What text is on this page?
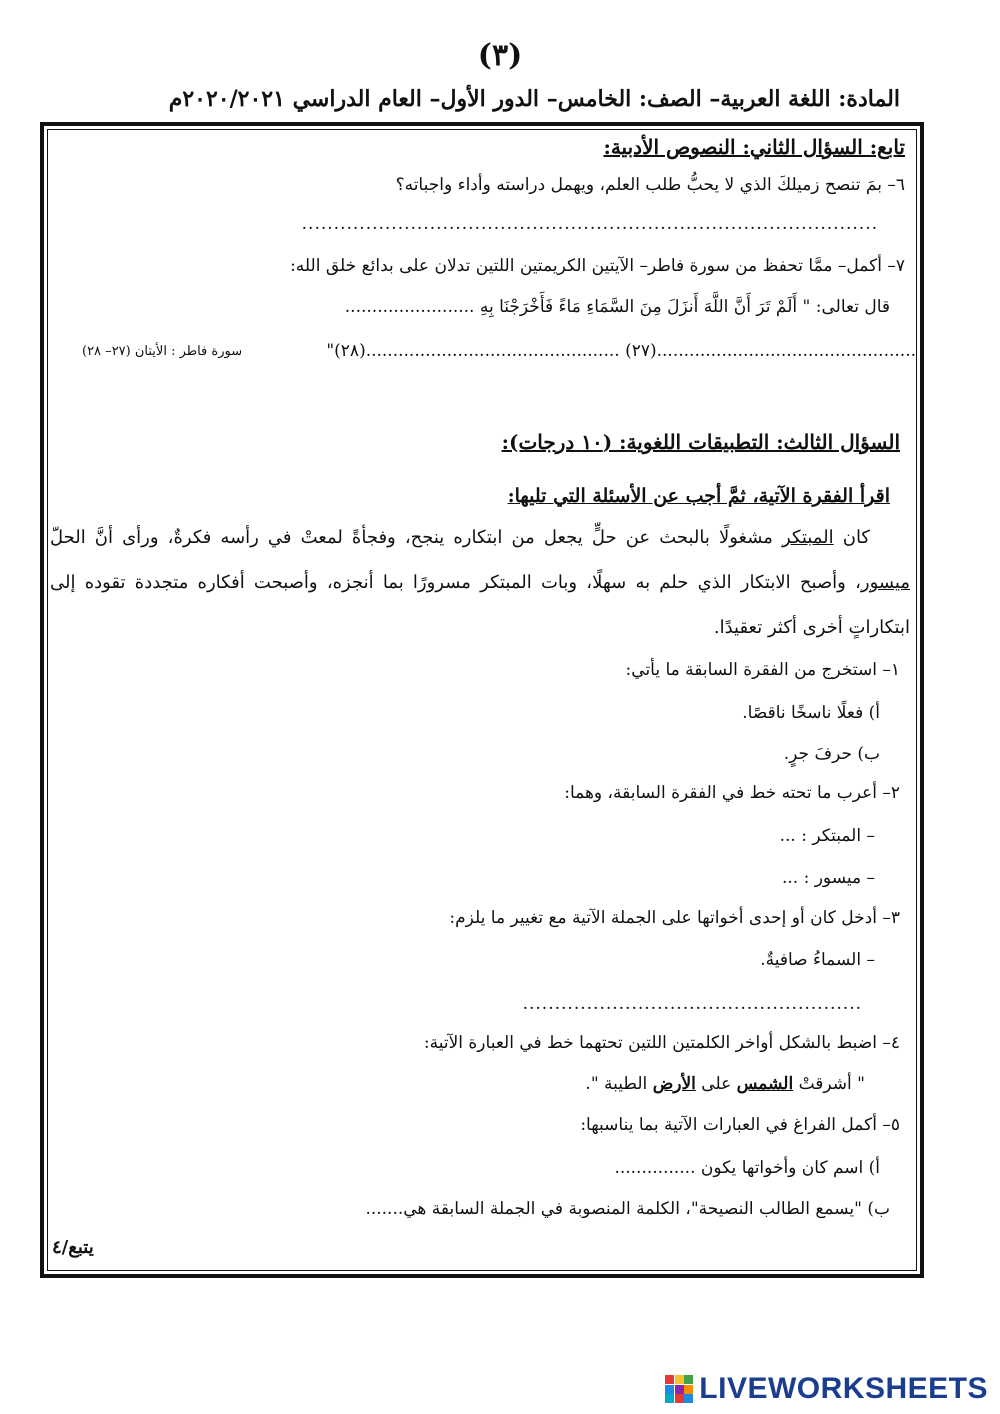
(٣)
المادة: اللغة العربية– الصف: الخامس– الدور الأول– العام الدراسي ٢٠٢٠/٢٠٢١م
تابع: السؤال الثاني: النصوص الأدبية:
٦– بمَ تنصح زميلكَ الذي لا يحبُّ طلب العلم، ويهمل دراسته وأداء واجباته؟
..........................................................................................
٧– أكمل– ممَّا تحفظ من سورة فاطر– الآيتين الكريمتين اللتين تدلان على بدائع خلق الله:
قال تعالى: " أَلَمْ تَرَ أَنَّ اللَّهَ أَنزَلَ مِنَ السَّمَاءِ مَاءً فَأَخْرَجْنَا بِهِ ........................
................................................(٢٧) ...............................................(٢٨)"
سورة فاطر : الأيتان (٢٧– ٢٨)
السؤال الثالث: التطبيقات اللغوية: (١٠ درجات):
اقرأ الفقرة الآتية، ثمَّ أجب عن الأسئلة التي تليها:
كان المبتكر مشغولًا بالبحث عن حلٍّ يجعل من ابتكاره ينجح، وفجأةً لمعتْ في رأسه فكرةٌ، ورأى أنَّ الحلّ ميسور، وأصبح الابتكار الذي حلم به سهلًا، وبات المبتكر مسرورًا بما أنجزه، وأصبحت أفكاره متجددة تقوده إلى ابتكاراتٍ أخرى أكثر تعقيدًا.
١– استخرج من الفقرة السابقة ما يأتي:
أ) فعلًا ناسخًا ناقصًا.
ب) حرفَ جرٍ.
٢– أعرب ما تحته خط في الفقرة السابقة، وهما:
– المبتكر : ...
– ميسور : ...
٣– أدخل كان أو إحدى أخواتها على الجملة الآتية مع تغيير ما يلزم:
– السماءُ صافيةٌ.
.....................................................
٤– اضبط بالشكل أواخر الكلمتين اللتين تحتهما خط في العبارة الآتية:
" أشرقتْ الشمس على الأرض الطيبة ".
٥– أكمل الفراغ في العبارات الآتية بما يناسبها:
أ) اسم كان وأخواتها يكون ...............
ب) "يسمع الطالب النصيحة"، الكلمة المنصوبة في الجملة السابقة هي.......
يتبع/٤
LIVEWORKSHEETS
